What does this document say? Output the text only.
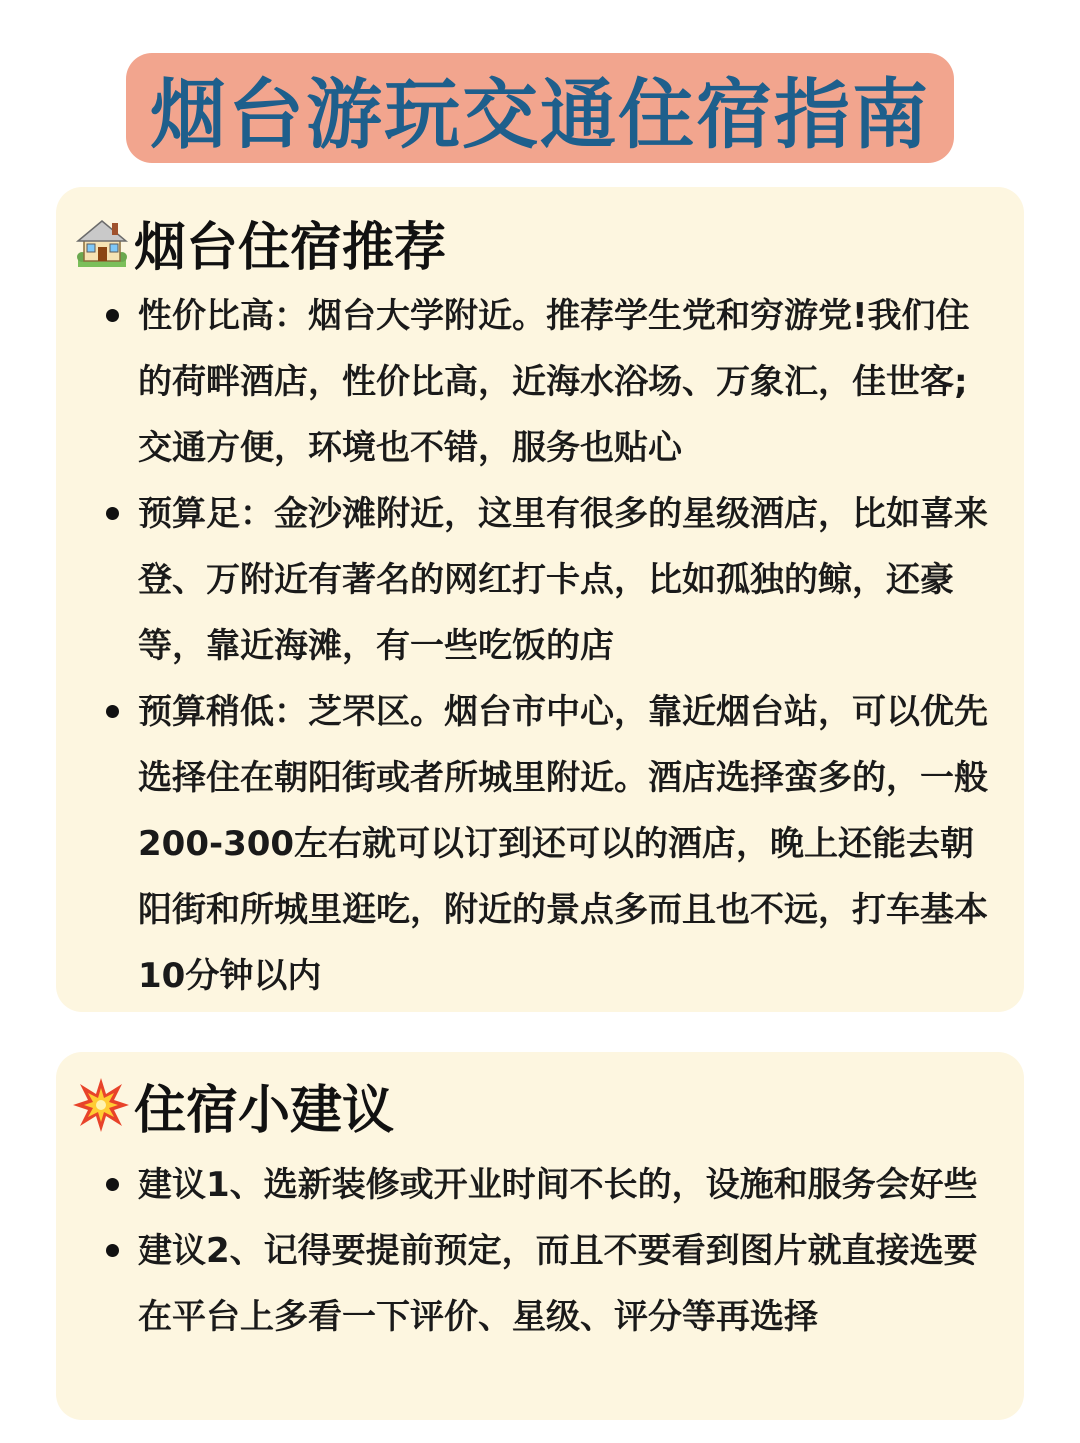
烟台游玩交通住宿指南
烟台住宿推荐
性价比高：烟台大学附近。推荐学生党和穷游党!我们住的荷畔酒店，性价比高，近海水浴场、万象汇，佳世客;交通方便，环境也不错，服务也贴心
预算足：金沙滩附近，这里有很多的星级酒店，比如喜来登、万附近有著名的网红打卡点，比如孤独的鲸，还豪等，靠近海滩，有一些吃饭的店
预算稍低：芝罘区。烟台市中心，靠近烟台站，可以优先选择住在朝阳街或者所城里附近。酒店选择蛮多的，一般200-300左右就可以订到还可以的酒店，晚上还能去朝阳街和所城里逛吃，附近的景点多而且也不远，打车基本10分钟以内
住宿小建议
建议1、选新装修或开业时间不长的，设施和服务会好些
建议2、记得要提前预定，而且不要看到图片就直接选要在平台上多看一下评价、星级、评分等再选择
